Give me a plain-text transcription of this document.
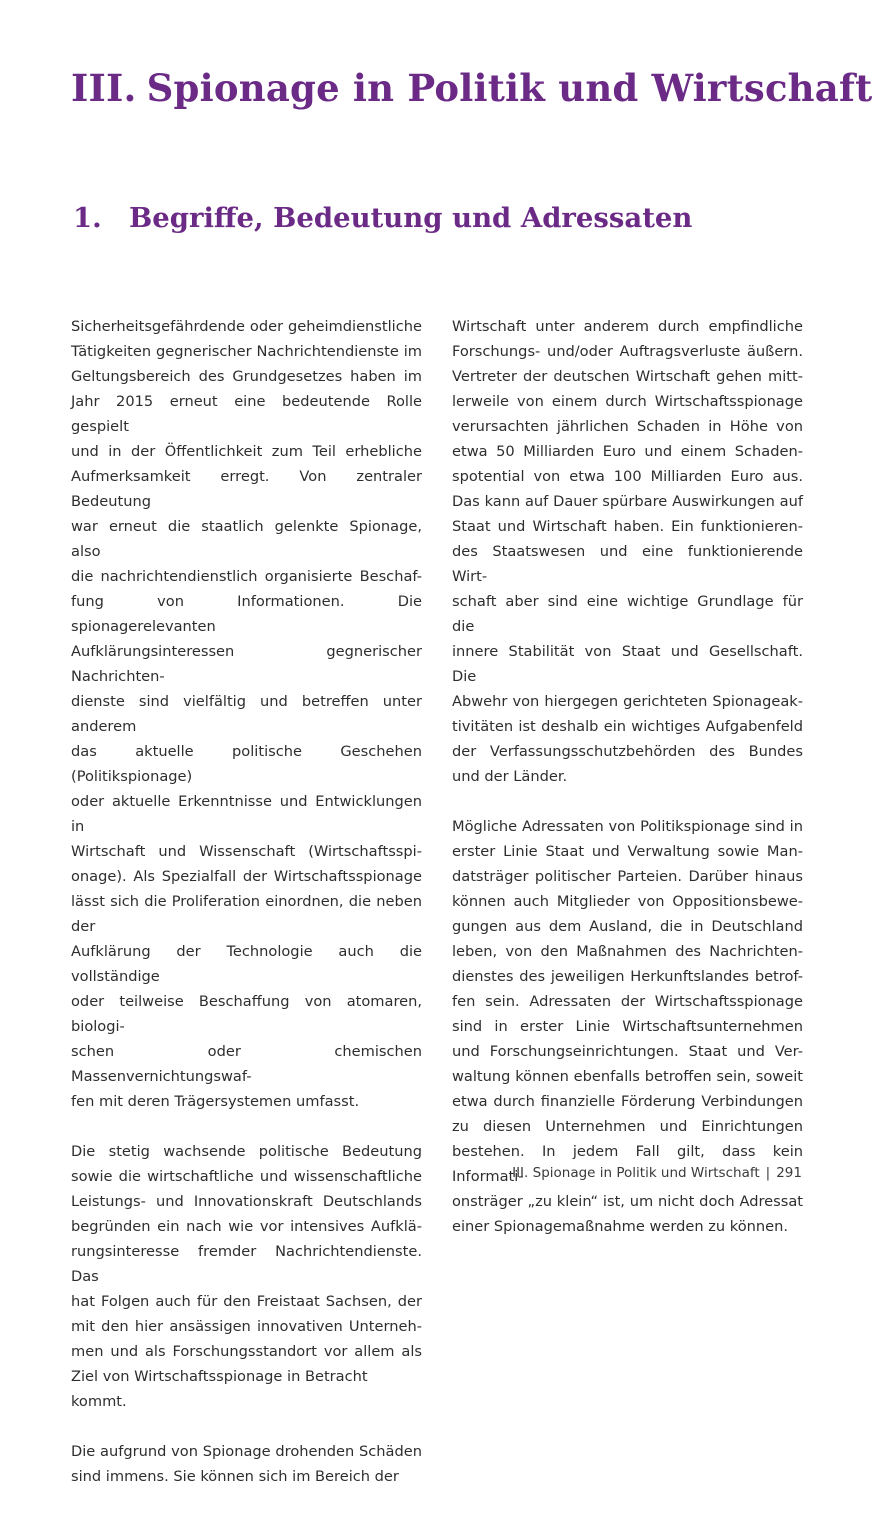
III. Spionage in Politik und Wirtschaft
1. Begriffe, Bedeutung und Adressaten

Sicherheitsgefährdende oder geheimdienstliche
Tätigkeiten gegnerischer Nachrichtendienste im
Geltungsbereich des Grundgesetzes haben im
Jahr 2015 erneut eine bedeutende Rolle gespielt
und in der Öffentlichkeit zum Teil erhebliche
Aufmerksamkeit erregt. Von zentraler Bedeutung
war erneut die staatlich gelenkte Spionage, also
die nachrichtendienstlich organisierte Beschaf-
fung von Informationen. Die spionagerelevanten
Aufklärungsinteressen gegnerischer Nachrichten-
dienste sind vielfältig und betreffen unter anderem
das aktuelle politische Geschehen (Politikspionage)
oder aktuelle Erkenntnisse und Entwicklungen in
Wirtschaft und Wissenschaft (Wirtschaftsspi-
onage). Als Spezialfall der Wirtschaftsspionage
lässt sich die Proliferation einordnen, die neben der
Aufklärung der Technologie auch die vollständige
oder teilweise Beschaffung von atomaren, biologi-
schen oder chemischen Massenvernichtungswaf-
fen mit deren Trägersystemen umfasst.

Die stetig wachsende politische Bedeutung
sowie die wirtschaftliche und wissenschaftliche
Leistungs- und Innovationskraft Deutschlands
begründen ein nach wie vor intensives Aufklä-
rungsinteresse fremder Nachrichtendienste. Das
hat Folgen auch für den Freistaat Sachsen, der
mit den hier ansässigen innovativen Unterneh-
men und als Forschungsstandort vor allem als
Ziel von Wirtschaftsspionage in Betracht kommt.

Die aufgrund von Spionage drohenden Schäden
sind immens. Sie können sich im Bereich der

Wirtschaft unter anderem durch empfindliche
Forschungs- und/oder Auftragsverluste äußern.
Vertreter der deutschen Wirtschaft gehen mitt-
lerweile von einem durch Wirtschaftsspionage
verursachten jährlichen Schaden in Höhe von
etwa 50 Milliarden Euro und einem Schaden-
spotential von etwa 100 Milliarden Euro aus.
Das kann auf Dauer spürbare Auswirkungen auf
Staat und Wirtschaft haben. Ein funktionieren-
des Staatswesen und eine funktionierende Wirt-
schaft aber sind eine wichtige Grundlage für die
innere Stabilität von Staat und Gesellschaft. Die
Abwehr von hiergegen gerichteten Spionageak-
tivitäten ist deshalb ein wichtiges Aufgabenfeld
der Verfassungsschutzbehörden des Bundes
und der Länder.

Mögliche Adressaten von Politikspionage sind in
erster Linie Staat und Verwaltung sowie Man-
datsträger politischer Parteien. Darüber hinaus
können auch Mitglieder von Oppositionsbewe-
gungen aus dem Ausland, die in Deutschland
leben, von den Maßnahmen des Nachrichten-
dienstes des jeweiligen Herkunftslandes betrof-
fen sein. Adressaten der Wirtschaftsspionage
sind in erster Linie Wirtschaftsunternehmen
und Forschungseinrichtungen. Staat und Ver-
waltung können ebenfalls betroffen sein, soweit
etwa durch finanzielle Förderung Verbindungen
zu diesen Unternehmen und Einrichtungen
bestehen. In jedem Fall gilt, dass kein Informati-
onsträger „zu klein“ ist, um nicht doch Adressat
einer Spionagemaßnahme werden zu können.

III. Spionage in Politik und Wirtschaft | 291
